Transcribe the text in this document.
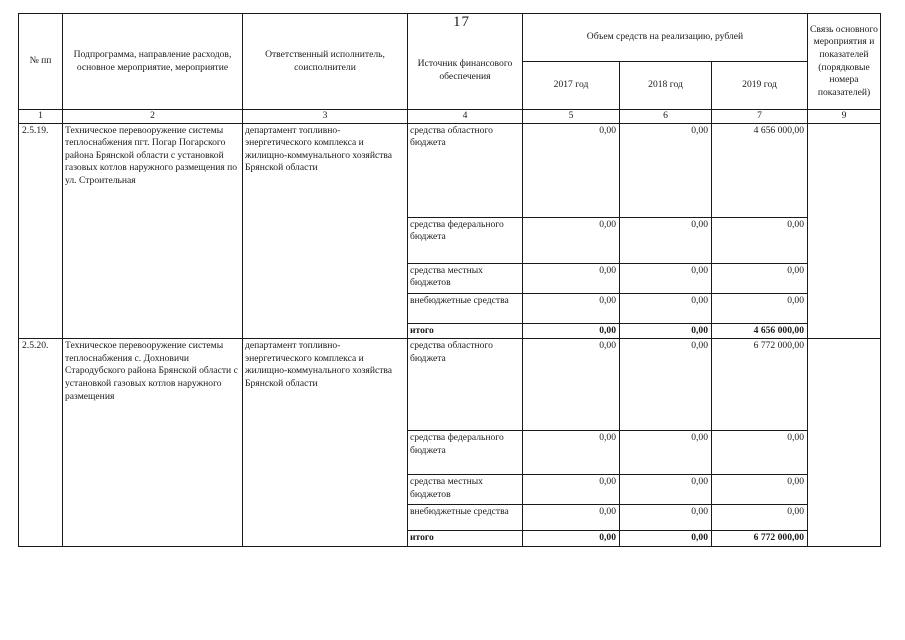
17
№ пп	Подпрограмма, направление расходов, основное мероприятие, мероприятие	Ответственный исполнитель, соисполнители	Источник финансового обеспечения	Объем средств на реализацию, рублей			Связь основного мероприятия и показателей (порядковые номера показателей)
				2017 год	2018 год	2019 год	
1	2	3	4	5	6	7	9
2.5.19.	Техническое перевооружение системы теплоснабжения пгт. Погар Погарского района Брянской области с установкой газовых котлов наружного размещения по ул. Строительная	департамент топливно-энергетического комплекса и жилищно-коммунального хозяйства Брянской области	средства областного бюджета	0,00	0,00	4 656 000,00	
			средства федерального бюджета	0,00	0,00	0,00	
			средства местных бюджетов	0,00	0,00	0,00	
			внебюджетные средства	0,00	0,00	0,00	
			итого	0,00	0,00	4 656 000,00	
2.5.20.	Техническое перевооружение системы теплоснабжения с. Дохновичи Стародубского района Брянской области с установкой газовых котлов наружного размещения	департамент топливно-энергетического комплекса и жилищно-коммунального хозяйства Брянской области	средства областного бюджета	0,00	0,00	6 772 000,00	
			средства федерального бюджета	0,00	0,00	0,00	
			средства местных бюджетов	0,00	0,00	0,00	
			внебюджетные средства	0,00	0,00	0,00	
			итого	0,00	0,00	6 772 000,00	
